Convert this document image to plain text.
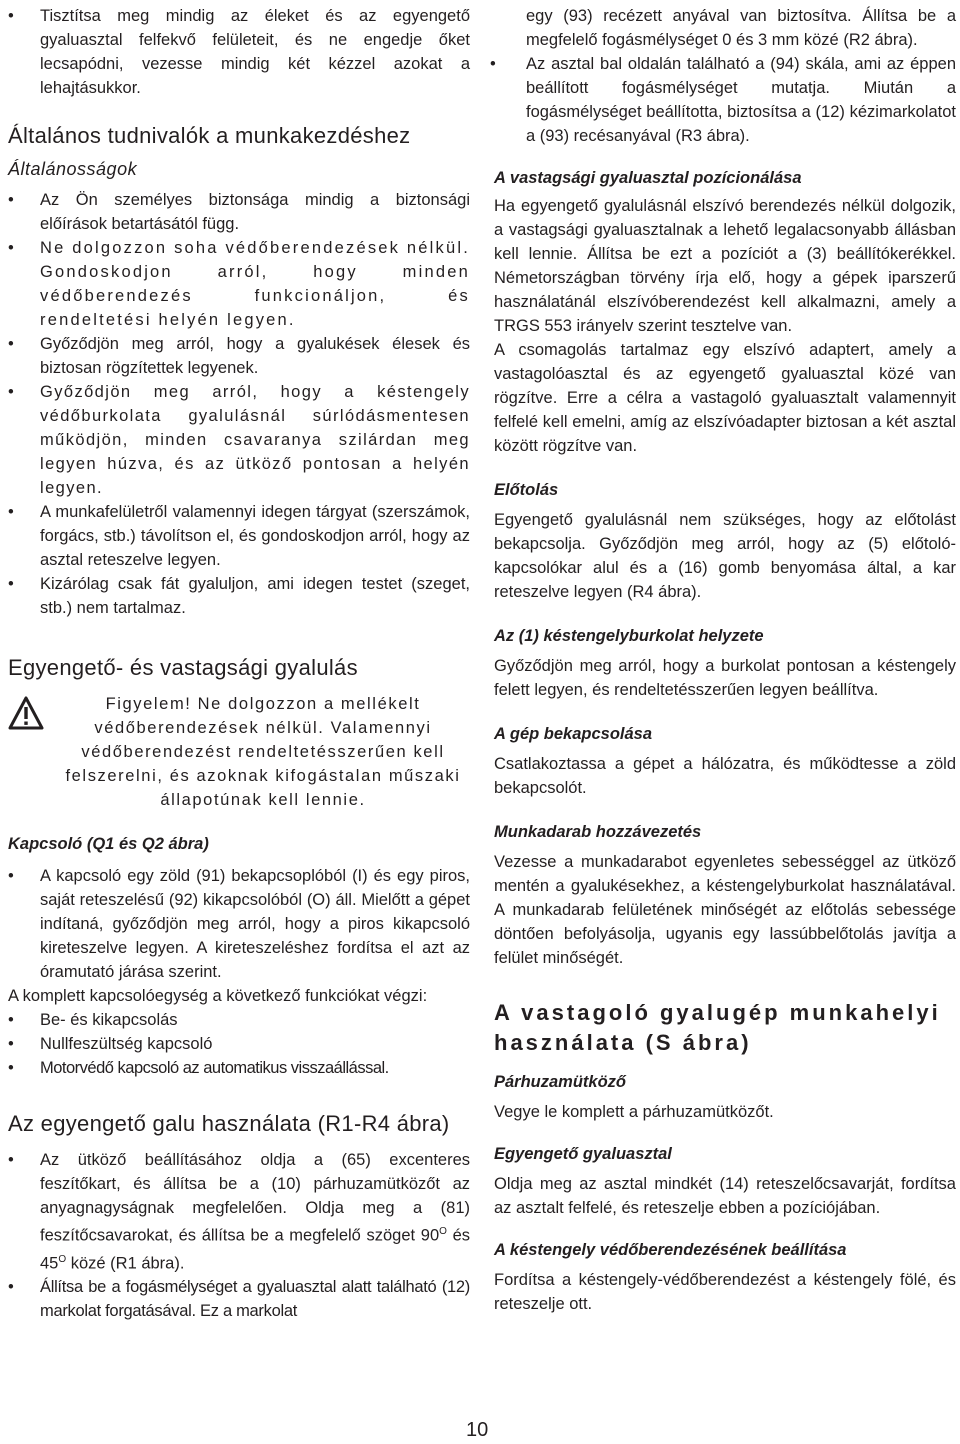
• Tisztítsa meg mindig az éleket és az egyengető gyaluasztal felfekvő felületeit, és ne engedje őket lecsapódni, vezesse mindig két kézzel azokat a lehajtásukkor.
Általános tudnivalók a munkakezdéshez
Általánosságok
• Az Ön személyes biztonsága mindig a biztonsági előírások betartásától függ.
• Ne dolgozzon soha védőberendezések nélkül. Gondoskodjon arról, hogy minden védőberendezés funkcionáljon, és rendeltetési helyén legyen.
• Győződjön meg arról, hogy a gyalukések élesek és biztosan rögzítettek legyenek.
• Győződjön meg arról, hogy a késtengely védőburkolata gyalulásnál súrlódásmentesen működjön, minden csavaranya szilárdan meg legyen húzva, és az ütköző pontosan a helyén legyen.
• A munkafelületről valamennyi idegen tárgyat (szerszámok, forgács, stb.) távolítson el, és gondoskodjon arról, hogy az asztal reteszelve legyen.
• Kizárólag csak fát gyaluljon, ami idegen testet (szeget, stb.) nem tartalmaz.
Egyengető- és vastagsági gyalulás

Figyelem! Ne dolgozzon a mellékelt védőberendezések nélkül. Valamennyi védőberendezést rendeltetésszerűen kell felszerelni, és azoknak kifogástalan műszaki állapotúnak kell lennie.

Kapcsoló (Q1 és Q2 ábra)
• A kapcsoló egy zöld (91) bekapcsoplóból (I) és egy piros, saját reteszelésű (92) kikapcsolóból (O) áll. Mielőtt a gépet indítaná, győződjön meg arról, hogy a piros kikapcsoló kireteszelve legyen. A kireteszeléshez fordítsa el azt az óramutató járása szerint.

A komplett kapcsolóegység a következő funkciókat végzi:

• Be- és kikapcsolás
• Nullfeszültség kapcsoló
• Motorvédő kapcsoló az automatikus visszaállással.
Az egyengető galu használata (R1-R4 ábra)
• Az ütköző beállításához oldja a (65) excenteres feszítőkart, és állítsa be a (10) párhuzamütközőt az anyagnagyságnak megfelelően. Oldja meg a (81) feszítőcsavarokat, és állítsa be a megfelelő szöget $90^O$ és $45^O$ közé (R1 ábra).
• Állítsa be a fogásmélységet a gyaluasztal alatt található (12) markolat forgatásával. Ez a markolat

• egy (93) recézett anyával van biztosítva. Állítsa be a megfelelő fogásmélységet 0 és 3 mm közé (R2 ábra).
• Az asztal bal oldalán található a (94) skála, ami az éppen beállított fogásmélységet mutatja. Miután a fogásmélységet beállította, biztosítsa a (12) kézimarkolatot a (93) recésanyával (R3 ábra).
A vastagsági gyaluasztal pozícionálása

Ha egyengető gyalulásnál elszívó berendezés nélkül dolgozik, a vastagsági gyaluasztalnak a lehető legalacsonyabb állásban kell lennie. Állítsa be ezt a pozíciót a (3) beállítókerékkel. Németországban törvény írja elő, hogy a gépek iparszerű használatánál elszívóberendezést kell alkalmazni, amely a TRGS 553 irányelv szerint tesztelve van.

A csomagolás tartalmaz egy elszívó adaptert, amely a vastagolóasztal és az egyengető gyaluasztal közé van rögzítve. Erre a célra a vastagoló gyaluasztalt valamennyit felfelé kell emelni, amíg az elszívóadapter biztosan a két asztal között rögzítve van.

Előtolás

Egyengető gyalulásnál nem szükséges, hogy az előtolást bekapcsolja. Győződjön meg arról, hogy az (5) előtoló-kapcsolókar alul és a (16) gomb benyomása által, a kar reteszelve legyen (R4 ábra).

Az (1) késtengelyburkolat helyzete

Győződjön meg arról, hogy a burkolat pontosan a késtengely felett legyen, és rendeltetésszerűen legyen beállítva.

A gép bekapcsolása

Csatlakoztassa a gépet a hálózatra, és működtesse a zöld bekapcsolót.

Munkadarab hozzávezetés

Vezesse a munkadarabot egyenletes sebességgel az ütköző mentén a gyalukésekhez, a késtengelyburkolat használatával. A munkadarab felületének minőségét az előtolás sebessége döntően befolyásolja, ugyanis egy lassúbbelőtolás javítja a felület minőségét.

A vastagoló gyalugép munkahelyi használata (S ábra)
Párhuzamütköző

Vegye le komplett a párhuzamütközőt.

Egyengető gyaluasztal

Oldja meg az asztal mindkét (14) reteszelőcsavarját, fordítsa az asztalt felfelé, és reteszelje ebben a pozíciójában.

A késtengely védőberendezésének beállítása

Fordítsa a késtengely-védőberendezést a késtengely fölé, és reteszelje ott.

10
